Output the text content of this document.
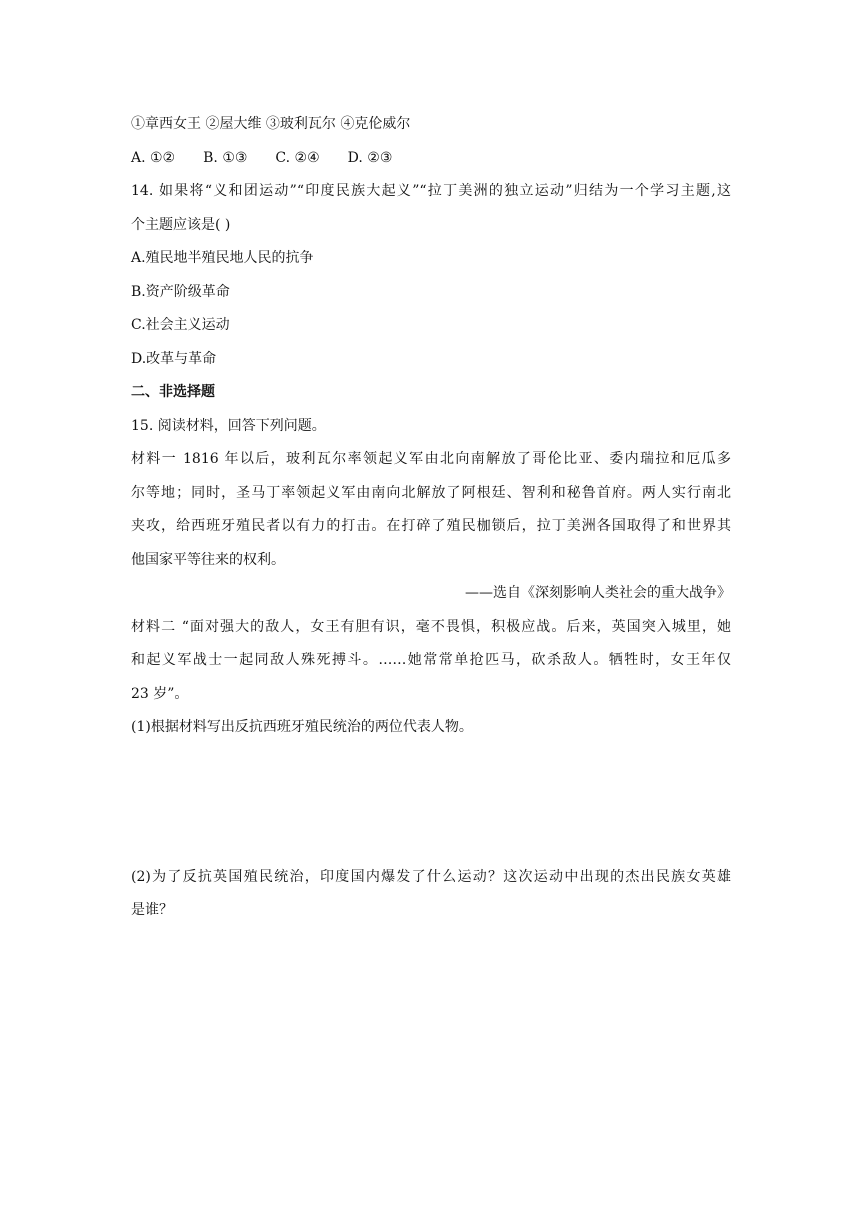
①章西女王 ②屋大维 ③玻利瓦尔 ④克伦威尔
A. ①② B. ①③ C. ②④ D. ②③
14. 如果将“义和团运动”“印度民族大起义”“拉丁美洲的独立运动”归结为一个学习主题,这
个主题应该是( )
A.殖民地半殖民地人民的抗争
B.资产阶级革命
C.社会主义运动
D.改革与革命
二、非选择题
15. 阅读材料，回答下列问题。
材料一 1816 年以后，玻利瓦尔率领起义军由北向南解放了哥伦比亚、委内瑞拉和厄瓜多
尔等地；同时，圣马丁率领起义军由南向北解放了阿根廷、智利和秘鲁首府。两人实行南北
夹攻，给西班牙殖民者以有力的打击。在打碎了殖民枷锁后，拉丁美洲各国取得了和世界其
他国家平等往来的权利。
——选自《深刻影响人类社会的重大战争》
材料二 “面对强大的敌人，女王有胆有识，毫不畏惧，积极应战。后来，英国突入城里，她
和起义军战士一起同敌人殊死搏斗。……她常常单抢匹马，砍杀敌人。牺牲时，女王年仅
23 岁”。
(1)根据材料写出反抗西班牙殖民统治的两位代表人物。
(2)为了反抗英国殖民统治，印度国内爆发了什么运动？这次运动中出现的杰出民族女英雄
是谁？
